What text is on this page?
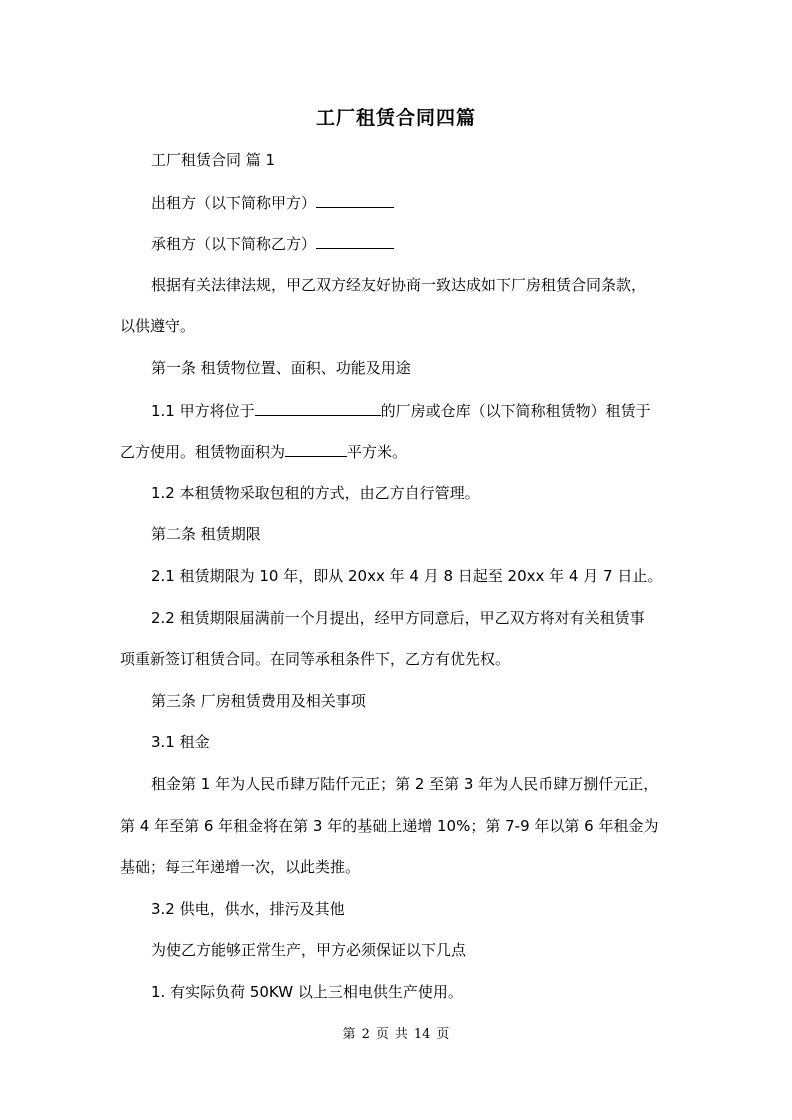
工厂租赁合同四篇
工厂租赁合同 篇 1
出租方（以下简称甲方）
承租方（以下简称乙方）
根据有关法律法规，甲乙双方经友好协商一致达成如下厂房租赁合同条款，
以供遵守。
第一条 租赁物位置、面积、功能及用途
1.1 甲方将位于	的厂房或仓库（以下简称租赁物）租赁于
乙方使用。租赁物面积为	平方米。
1.2 本租赁物采取包租的方式，由乙方自行管理。
第二条 租赁期限
2.1 租赁期限为 10 年，即从 20xx 年 4 月 8 日起至 20xx 年 4 月 7 日止。
2.2 租赁期限届满前一个月提出，经甲方同意后，甲乙双方将对有关租赁事
项重新签订租赁合同。在同等承租条件下，乙方有优先权。
第三条 厂房租赁费用及相关事项
3.1 租金
租金第 1 年为人民币肆万陆仟元正；第 2 至第 3 年为人民币肆万捌仟元正，
第 4 年至第 6 年租金将在第 3 年的基础上递增 10%；第 7-9 年以第 6 年租金为
基础；每三年递增一次，以此类推。
3.2 供电，供水，排污及其他
为使乙方能够正常生产，甲方必须保证以下几点
1. 有实际负荷 50KW 以上三相电供生产使用。
第 2 页 共 14 页
